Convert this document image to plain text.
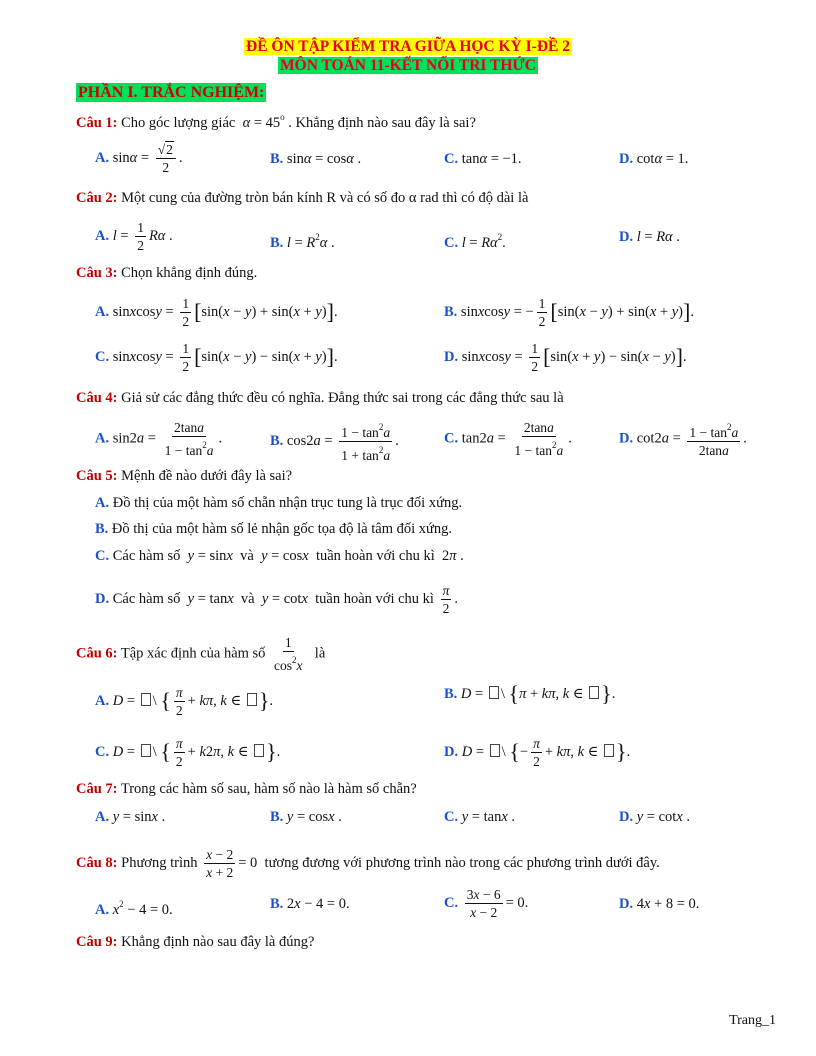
ĐỀ ÔN TẬP KIỂM TRA GIỮA HỌC KỲ I-ĐỀ 2
MÔN TOÁN 11-KẾT NỐI TRI THỨC
PHẦN I. TRẮC NGHIỆM:
Câu 1: Cho góc lượng giác $\alpha = 45^o$ . Khẳng định nào sau đây là sai?
A. $\sin\alpha = \frac{√2}{2}$ .	B. sinα = cosα .	C. tanα = −1.	D. cotα = 1.
Câu 2: Một cung của đường tròn bán kính R và có số đo α rad thì có độ dài là
A. $l = \frac{1}{2}$ Rα .	B. $l = R^2\alpha$ .	C. $l = R\alpha^2$.	D. l = Rα .
Câu 3: Chọn khẳng định đúng.
A. sinxcosy = $\frac{1}{2} [\sin(x - y) + \sin(x + y)]$.	B. sinxcosy = − $\frac{1}{2} [\sin(x - y) + \sin(x + y)]$.
C. sinxcosy = $\frac{1}{2} [\sin(x - y) - \sin(x + y)]$.	D. sinxcosy = $\frac{1}{2} [\sin(x + y) - \sin(x - y)]$.
Câu 4: Giả sử các đẳng thức đều có nghĩa. Đẳng thức sai trong các đẳng thức sau là
A. $\sin 2a = \frac{2\tan a}{1 - \tan^2a}$ .	B. $\cos 2a = \frac{1 - \tan^2a}{1 + \tan^2a}$ .	C. $\tan 2a = \frac{2\tan a}{1 - \tan^2a}$ .	D. $\cot 2a = \frac{1 - \tan^2a}{2\tan a}$ .
Câu 5: Mệnh đề nào dưới đây là sai?
A. Đồ thị của một hàm số chẵn nhận trục tung là trục đối xứng.
B. Đồ thị của một hàm số lẻ nhận gốc tọa độ là tâm đối xứng.
C. Các hàm số y = sinx và y = cosx tuần hoàn với chu kì  2π .
D. Các hàm số y = tanx và y = cotx tuần hoàn với chu kì $\frac{\pi}{2}$ .
Câu 6: Tập xác định của hàm số $\frac{1}{\cos^2x}$ là
A. D = \ { $\frac{\pi}{2} + k\pi$, k ∈ }.	B. D = \ {π + kπ, k ∈ }.
C. D = \ { $\frac{\pi}{2} + k2\pi$, k ∈ }.	D. D = \ {− $\frac{\pi}{2} + k\pi$, k ∈ }.
Câu 7: Trong các hàm số sau, hàm số nào là hàm số chẵn?
A. y = sinx .	B. y = cosx .	C. y = tanx .	D. y = cotx .
Câu 8: Phương trình $\frac{x - 2}{x + 2} = 0$  tương đương với phương trình nào trong các phương trình dưới đây.
A. $x^2 - 4 = 0$.	B. 2x − 4 = 0.	C. $\frac{3x - 6}{x - 2} = 0$.	D. 4x + 8 = 0.
Câu 9: Khẳng định nào sau đây là đúng?
Trang_1
